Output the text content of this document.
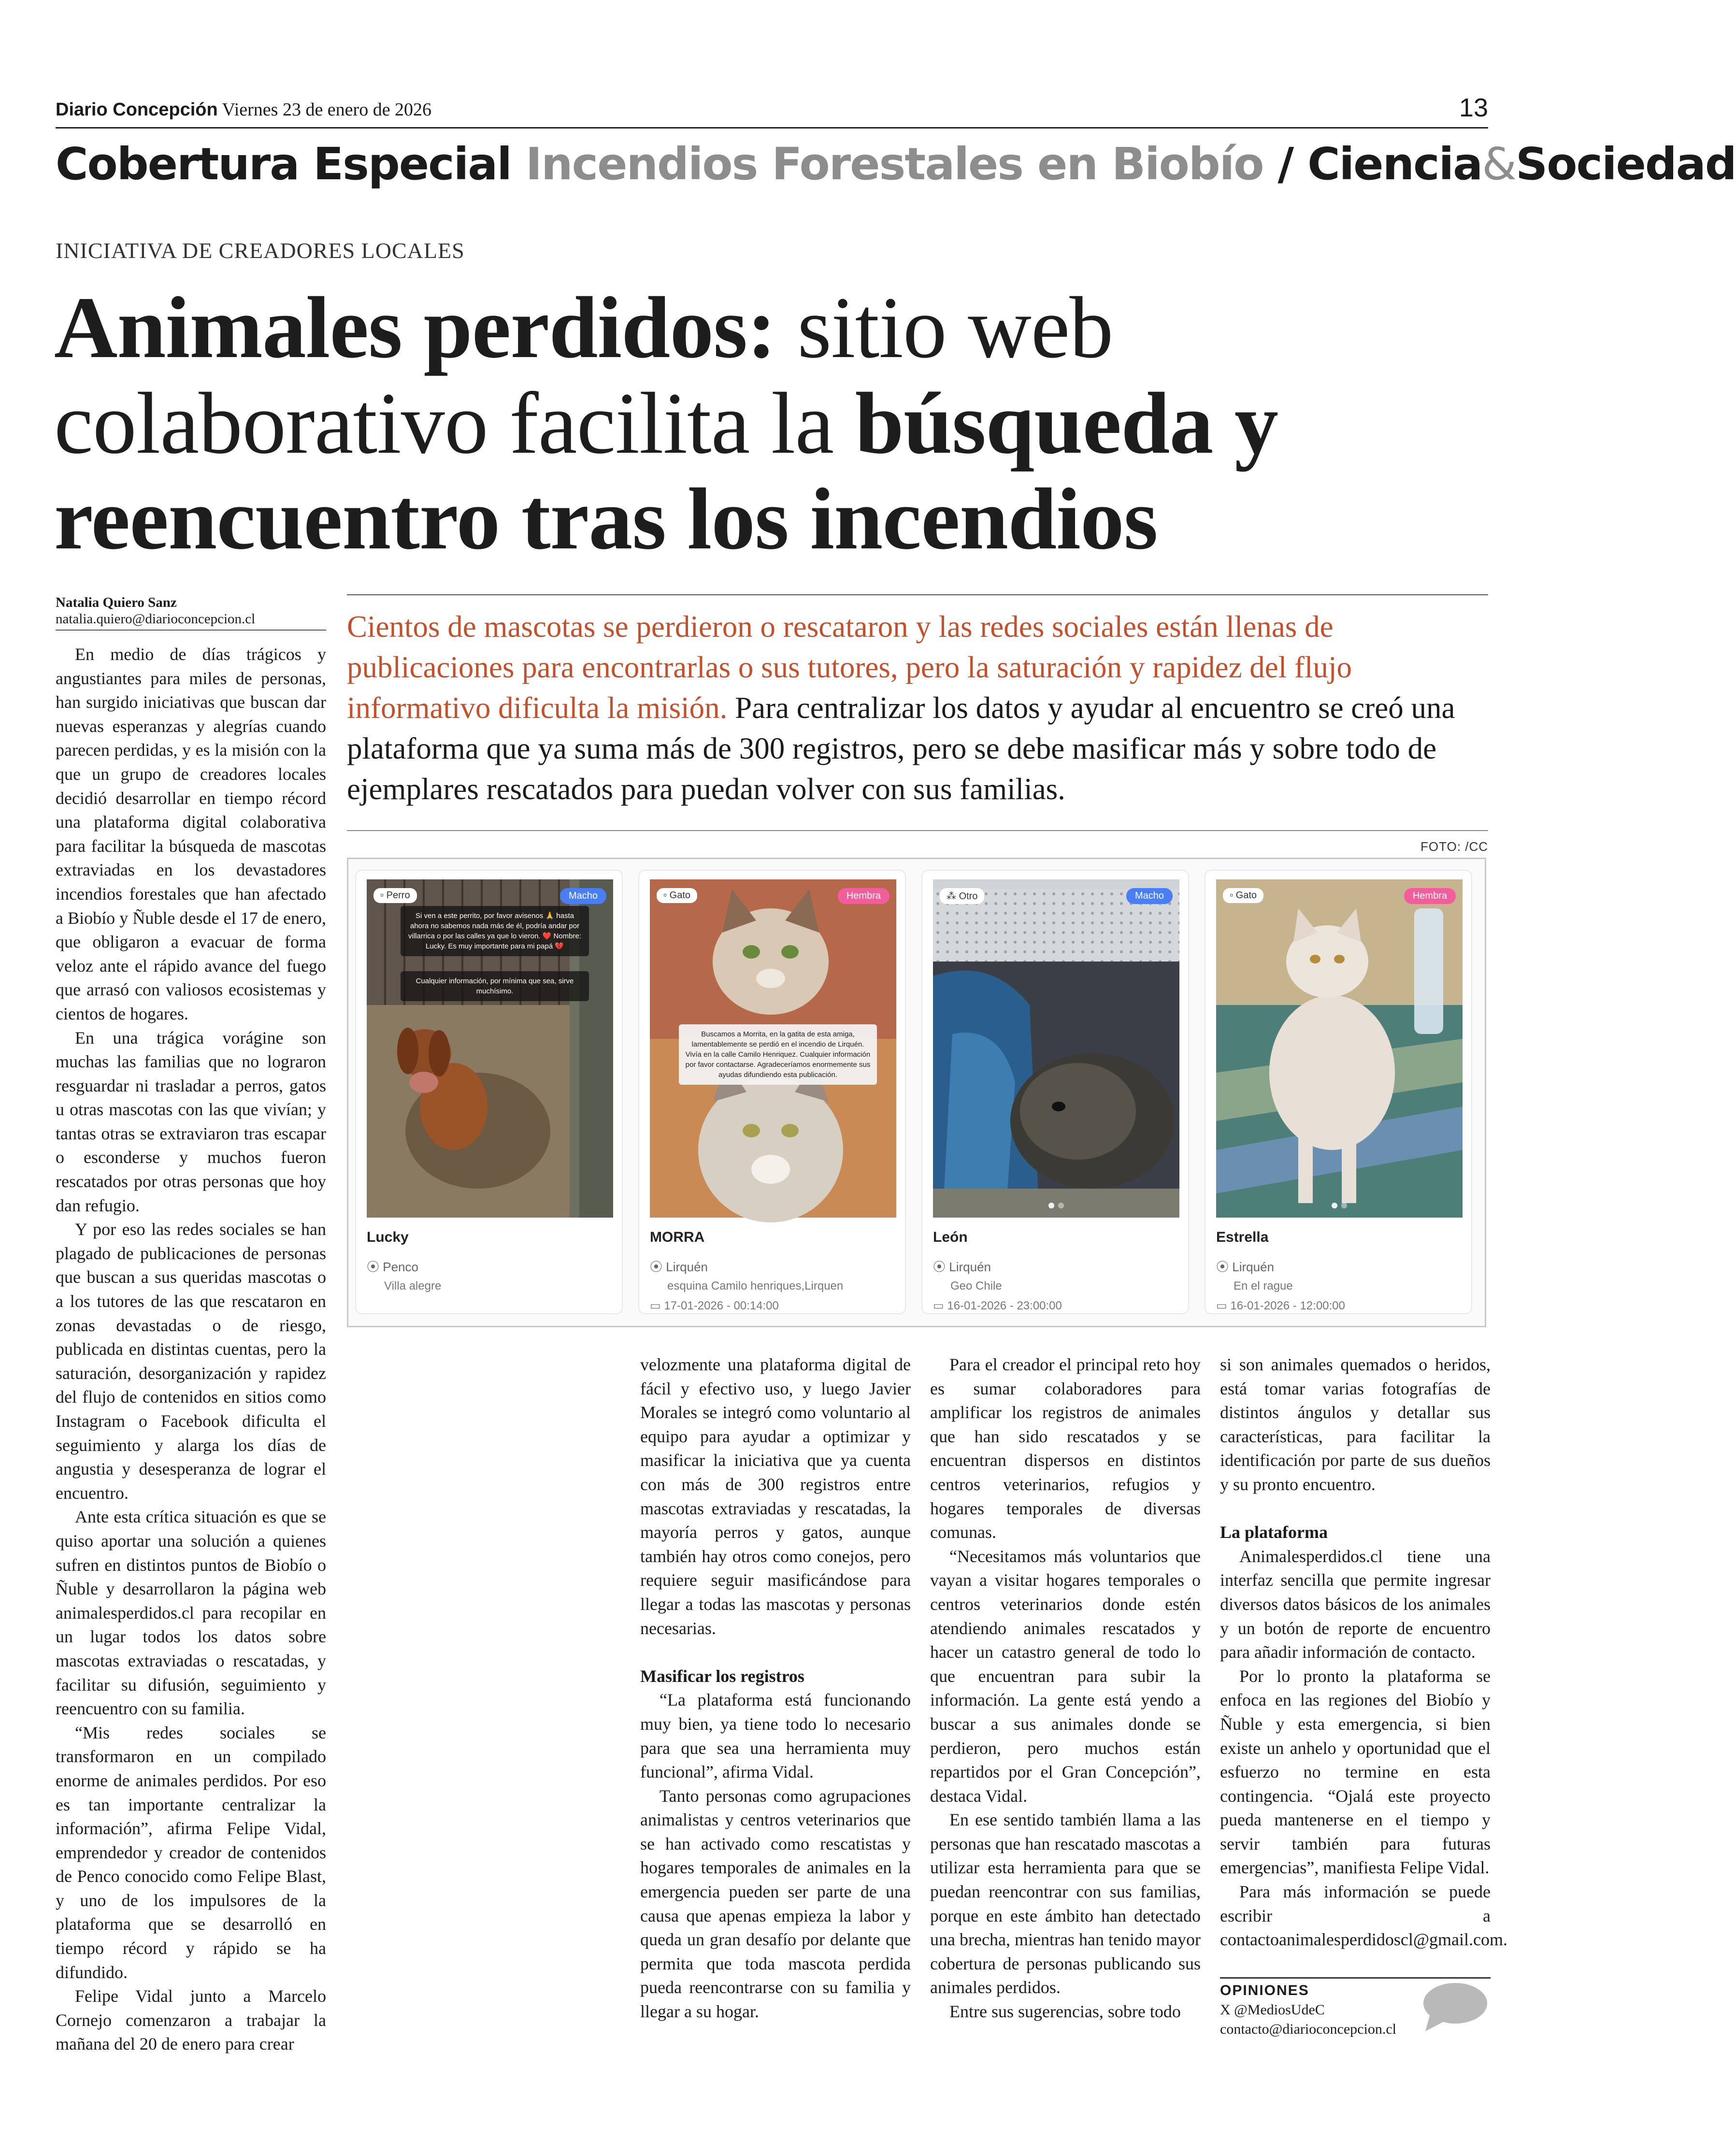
Diario Concepción Viernes 23 de enero de 2026	13
Cobertura Especial Incendios Forestales en Biobío / Ciencia&Sociedad
INICIATIVA DE CREADORES LOCALES
Animales perdidos: sitio web colaborativo facilita la búsqueda y reencuentro tras los incendios
Natalia Quiero Sanz
natalia.quiero@diarioconcepcion.cl	Cientos de mascotas se perdieron o rescataron y las redes sociales están llenas de publicaciones para encontrarlas o sus tutores, pero la saturación y rapidez del flujo informativo dificulta la misión. Para centralizar los datos y ayudar al encuentro se creó una plataforma que ya suma más de 300 registros, pero se debe masificar más y sobre todo de ejemplares rescatados para puedan volver con sus familias.
FOTO: /CC
▫ Perro	Macho
Si ven a este perrito, por favor avisenos 🙏 hasta ahora no sabemos nada más de él, podría andar por villarrica o por las calles ya que lo vieron. ❤️ Nombre: Lucky. Es muy importante para mi papá 💔
Cualquier información, por mínima que sea, sirve muchísimo.
Lucky
⦿ Penco
Villa alegre
▫ Gato	Hembra
Buscamos a Morrita, en la gatita de esta amiga, lamentablemente se perdió en el incendio de Lirquén. Vivía en la calle Camilo Henriquez. Cualquier información por favor contactarse. Agradeceríamos enormemente sus ayudas difundiendo esta publicación.
MORRA
⦿ Lirquén
esquina Camilo henriques,Lirquen
▭ 17-01-2026 - 00:14:00
⁂ Otro	Macho
León
⦿ Lirquén
Geo Chile
▭ 16-01-2026 - 23:00:00
▫ Gato	Hembra
Estrella
⦿ Lirquén
En el rague
▭ 16-01-2026 - 12:00:00

En medio de días trágicos y angustiantes para miles de personas, han surgido iniciativas que buscan dar nuevas esperanzas y alegrías cuando parecen perdidas, y es la misión con la que un grupo de creadores locales decidió desarrollar en tiempo récord una plataforma digital colaborativa para facilitar la búsqueda de mascotas extraviadas en los devastadores incendios forestales que han afectado a Biobío y Ñuble desde el 17 de enero, que obligaron a evacuar de forma veloz ante el rápido avance del fuego que arrasó con valiosos ecosistemas y cientos de hogares.

En una trágica vorágine son muchas las familias que no lograron resguardar ni trasladar a perros, gatos u otras mascotas con las que vivían; y tantas otras se extraviaron tras escapar o esconderse y muchos fueron rescatados por otras personas que hoy dan refugio.

Y por eso las redes sociales se han plagado de publicaciones de personas que buscan a sus queridas mascotas o a los tutores de las que rescataron en zonas devastadas o de riesgo, publicada en distintas cuentas, pero la saturación, desorganización y rapidez del flujo de contenidos en sitios como Instagram o Facebook dificulta el seguimiento y alarga los días de angustia y desesperanza de lograr el encuentro.

Ante esta crítica situación es que se quiso aportar una solución a quienes sufren en distintos puntos de Biobío o Ñuble y desarrollaron la página web animalesperdidos.cl para recopilar en un lugar todos los datos sobre mascotas extraviadas o rescatadas, y facilitar su difusión, seguimiento y reencuentro con su familia.

“Mis redes sociales se transformaron en un compilado enorme de animales perdidos. Por eso es tan importante centralizar la información”, afirma Felipe Vidal, emprendedor y creador de contenidos de Penco conocido como Felipe Blast, y uno de los impulsores de la plataforma que se desarrolló en tiempo récord y rápido se ha difundido.

Felipe Vidal junto a Marcelo Cornejo comenzaron a trabajar la mañana del 20 de enero para crear

velozmente una plataforma digital de fácil y efectivo uso, y luego Javier Morales se integró como voluntario al equipo para ayudar a optimizar y masificar la iniciativa que ya cuenta con más de 300 registros entre mascotas extraviadas y rescatadas, la mayoría perros y gatos, aunque también hay otros como conejos, pero requiere seguir masificándose para llegar a todas las mascotas y personas necesarias.

Masificar los registros

“La plataforma está funcionando muy bien, ya tiene todo lo necesario para que sea una herramienta muy funcional”, afirma Vidal.

Tanto personas como agrupaciones animalistas y centros veterinarios que se han activado como rescatistas y hogares temporales de animales en la emergencia pueden ser parte de una causa que apenas empieza la labor y queda un gran desafío por delante que permita que toda mascota perdida pueda reencontrarse con su familia y llegar a su hogar.

Para el creador el principal reto hoy es sumar colaboradores para amplificar los registros de animales que han sido rescatados y se encuentran dispersos en distintos centros veterinarios, refugios y hogares temporales de diversas comunas.

“Necesitamos más voluntarios que vayan a visitar hogares temporales o centros veterinarios donde estén atendiendo animales rescatados y hacer un catastro general de todo lo que encuentran para subir la información. La gente está yendo a buscar a sus animales donde se perdieron, pero muchos están repartidos por el Gran Concepción”, destaca Vidal.

En ese sentido también llama a las personas que han rescatado mascotas a utilizar esta herramienta para que se puedan reencontrar con sus familias, porque en este ámbito han detectado una brecha, mientras han tenido mayor cobertura de personas publicando sus animales perdidos.

Entre sus sugerencias, sobre todo

si son animales quemados o heridos, está tomar varias fotografías de distintos ángulos y detallar sus características, para facilitar la identificación por parte de sus dueños y su pronto encuentro.

La plataforma

Animalesperdidos.cl tiene una interfaz sencilla que permite ingresar diversos datos básicos de los animales y un botón de reporte de encuentro para añadir información de contacto.

Por lo pronto la plataforma se enfoca en las regiones del Biobío y Ñuble y esta emergencia, si bien existe un anhelo y oportunidad que el esfuerzo no termine en esta contingencia. “Ojalá este proyecto pueda mantenerse en el tiempo y servir también para futuras emergencias”, manifiesta Felipe Vidal.

Para más información se puede escribir a contactoanimalesperdidoscl@gmail.com.

OPINIONES
X @MediosUdeC
contacto@diarioconcepcion.cl
